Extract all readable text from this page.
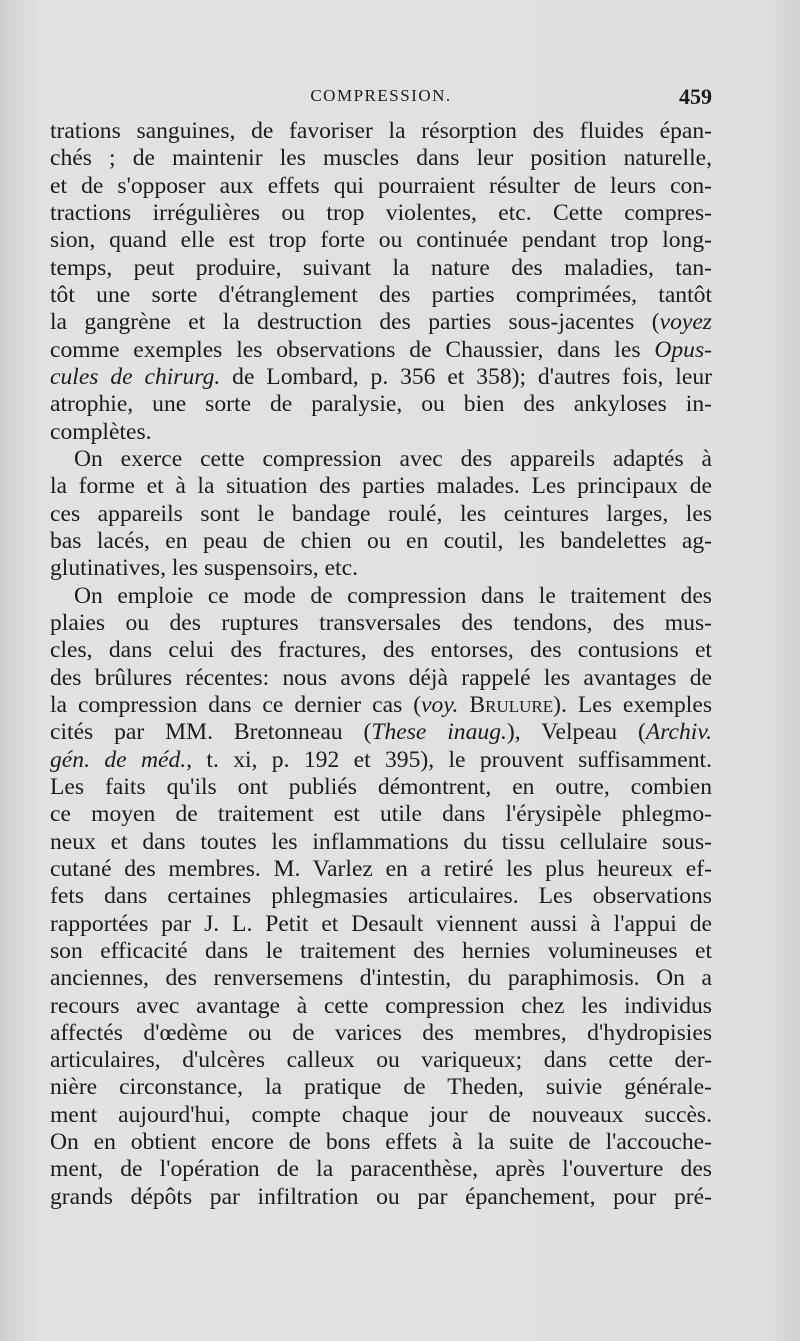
COMPRESSION.	459
trations sanguines, de favoriser la résorption des fluides épan-
chés ; de maintenir les muscles dans leur position naturelle,
et de s'opposer aux effets qui pourraient résulter de leurs con-
tractions irrégulières ou trop violentes, etc. Cette compres-
sion, quand elle est trop forte ou continuée pendant trop long-
temps, peut produire, suivant la nature des maladies, tan-
tôt une sorte d'étranglement des parties comprimées, tantôt
la gangrène et la destruction des parties sous-jacentes (voyez
comme exemples les observations de Chaussier, dans les Opus-
cules de chirurg. de Lombard, p. 356 et 358); d'autres fois, leur
atrophie, une sorte de paralysie, ou bien des ankyloses in-
complètes.
On exerce cette compression avec des appareils adaptés à
la forme et à la situation des parties malades. Les principaux de
ces appareils sont le bandage roulé, les ceintures larges, les
bas lacés, en peau de chien ou en coutil, les bandelettes ag-
glutinatives, les suspensoirs, etc.
On emploie ce mode de compression dans le traitement des
plaies ou des ruptures transversales des tendons, des mus-
cles, dans celui des fractures, des entorses, des contusions et
des brûlures récentes: nous avons déjà rappelé les avantages de
la compression dans ce dernier cas (voy. Brulure). Les exemples
cités par MM. Bretonneau (These inaug.), Velpeau (Archiv.
gén. de méd., t. xi, p. 192 et 395), le prouvent suffisamment.
Les faits qu'ils ont publiés démontrent, en outre, combien
ce moyen de traitement est utile dans l'érysipèle phlegmo-
neux et dans toutes les inflammations du tissu cellulaire sous-
cutané des membres. M. Varlez en a retiré les plus heureux ef-
fets dans certaines phlegmasies articulaires. Les observations
rapportées par J. L. Petit et Desault viennent aussi à l'appui de
son efficacité dans le traitement des hernies volumineuses et
anciennes, des renversemens d'intestin, du paraphimosis. On a
recours avec avantage à cette compression chez les individus
affectés d'œdème ou de varices des membres, d'hydropisies
articulaires, d'ulcères calleux ou variqueux; dans cette der-
nière circonstance, la pratique de Theden, suivie générale-
ment aujourd'hui, compte chaque jour de nouveaux succès.
On en obtient encore de bons effets à la suite de l'accouche-
ment, de l'opération de la paracenthèse, après l'ouverture des
grands dépôts par infiltration ou par épanchement, pour pré-
